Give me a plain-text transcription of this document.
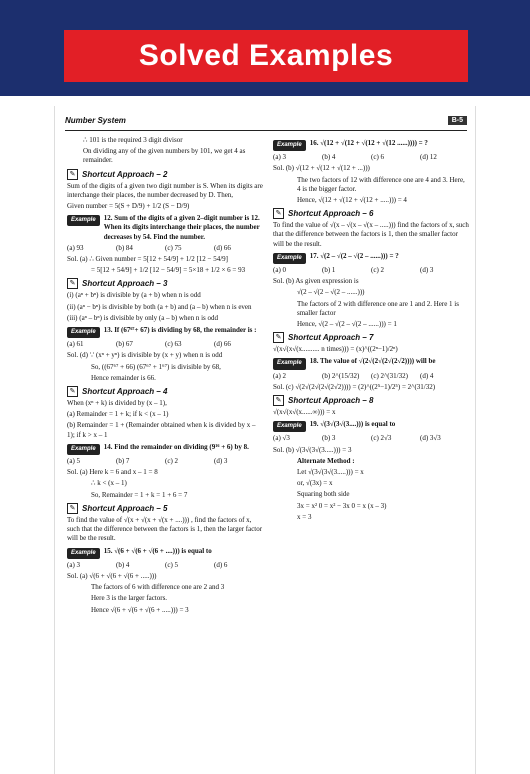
Solved Examples
Number System	B-5
∴ 101 is the required 3 digit divisor
On dividing any of the given numbers by 101, we get 4 as remainder.
✎ Shortcut Approach – 2
Sum of the digits of a given two digit number is S. When its digits are interchange their places, the number decreased by D. Then,
Given number = 5(S + D/9) + 1/2 (S − D/9)
Example	12. Sum of the digits of a given 2–digit number is 12. When its digits interchange their places, the number decreases by 54. Find the number.
(a) 93	(b) 84	(c) 75	(d) 66
Sol. (a) ∴ Given number = 5[12 + 54/9] + 1/2 [12 − 54/9]
= 5[12 + 54/9] + 1/2 [12 − 54/9] = 5×18 + 1/2 × 6 = 93
✎ Shortcut Approach – 3
(i) (aⁿ + bⁿ) is divisible by (a + b) when n is odd
(ii) (aⁿ − bⁿ) is divisible by both (a + b) and (a – b) when n is even
(iii) (aⁿ – bⁿ) is divisible by only (a – b) when n is odd
Example	13. If (67⁶⁷+ 67) is dividing by 68, the remainder is :
(a) 61	(b) 67	(c) 63	(d) 66
Sol. (d) ∵ (xⁿ + yⁿ) is divisible by (x + y) when n is odd
So, ((67⁶⁷ + 66) (67⁶⁷ + 1⁶⁷) is divisible by 68,
Hence remainder is 66.
✎ Shortcut Approach – 4
When (xⁿ + k) is divided by (x – 1),
(a) Remainder = 1 + k; if k < (x – 1)
(b) Remainder = 1 + (Remainder obtained when k is divided by x – 1); if k > x – 1
Example	14. Find the remainder on dividing (9¹⁶ + 6) by 8.
(a) 5	(b) 7	(c) 2	(d) 3
Sol. (a) Here k = 6 and x – 1 = 8
∴ k < (x – 1)
So, Remainder = 1 + k = 1 + 6 = 7
✎ Shortcut Approach – 5
To find the value of √(x + √(x + √(x + ....))) , find the factors of x, such that the difference between the factors is 1, then the larger factor will be the result.
Example	15. √(6 + √(6 + √(6 + ....))) is equal to
(a) 3	(b) 4	(c) 5	(d) 6
Sol. (a) √(6 + √(6 + √(6 + .....)))
The factors of 6 with difference one are 2 and 3
Here 3 is the larger factors.
Hence √(6 + √(6 + √(6 + .....))) = 3
Example	16. √(12 + √(12 + √(12 + √(12 ......)))) = ?
(a) 3	(b) 4	(c) 6	(d) 12
Sol. (b) √(12 + √(12 + √(12 + ...)))
The two factors of 12 with difference one are 4 and 3. Here, 4 is the bigger factor.
Hence, √(12 + √(12 + √(12 + .....))) = 4
✎ Shortcut Approach – 6
To find the value of √(x – √(x – √(x – .....))) find the factors of x, such that the difference between the factors is 1, then the smaller factor will be the result.
Example	17. √(2 – √(2 – √(2 – ......))) = ?
(a) 0	(b) 1	(c) 2	(d) 3
Sol. (b) As given expression is
√(2 – √(2 – √(2 – ......)))
The factors of 2 with difference one are 1 and 2. Here 1 is smaller factor
Hence, √(2 – √(2 – √(2 – ......))) = 1
✎ Shortcut Approach – 7
√(x√(x√(x.......... n times))) = (x)^((2ⁿ−1)/2ⁿ)
Example	18. The value of √(2√(2√(2√(2√2)))) will be
(a) 2	(b) 2^(15/32)	(c) 2^(31/32)	(d) 4
Sol. (c) √(2√(2√(2√(2√2)))) = (2)^((2⁵−1)/2⁵) = 2^(31/32)
✎ Shortcut Approach – 8
√(x√(x√(x......∞))) = x
Example	19. √(3√(3√(3....))) is equal to
(a) √3	(b) 3	(c) 2√3	(d) 3√3
Sol. (b) √(3√(3√(3.....))) = 3
Alternate Method :
Let √(3√(3√(3.....))) = x
or, √(3x) = x
Squaring both side
3x = x² 0 = x² − 3x 0 = x (x – 3)
x = 3
